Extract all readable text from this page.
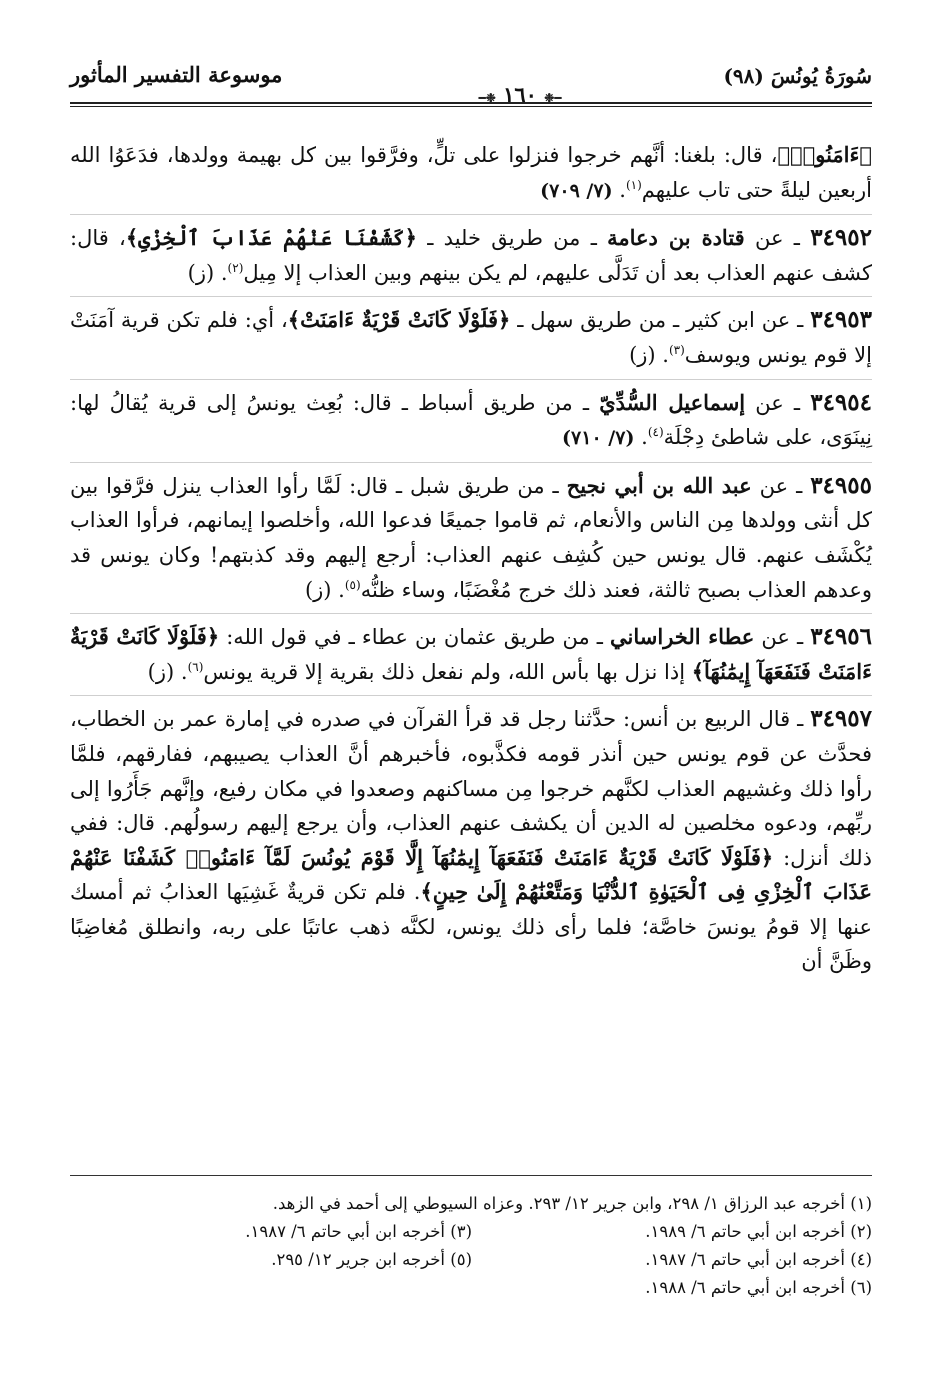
سُورَةُ يُونُسَ (٩٨)
━❉ ١٦٠ ❉━
موسوعة التفسير المأثور
﴿ءَامَنُوا۟﴾، قال: بلغنا: أنَّهم خرجوا فنزلوا على تلٍّ، وفرَّقوا بين كل بهيمة وولدها، فدَعَوُا الله أربعين ليلةً حتى تاب عليهم$^{(١)}$. (٧/ ٧٠٩)
٣٤٩٥٢ ـ عن قتادة بن دعامة ـ من طريق خليد ـ ﴿كَشَفْنَا عَنْهُمْ عَذَابَ ٱلْخِزْىِ﴾، قال: كشف عنهم العذاب بعد أن تَدَلَّى عليهم، لم يكن بينهم وبين العذاب إلا مِيل$^{(٢)}$. (ز)
٣٤٩٥٣ ـ عن ابن كثير ـ من طريق سهل ـ ﴿فَلَوْلَا كَانَتْ قَرْيَةٌ ءَامَنَتْ﴾، أي: فلم تكن قرية آمَنَتْ إلا قوم يونس ويوسف$^{(٣)}$. (ز)
٣٤٩٥٤ ـ عن إسماعيل السُّدِّيّ ـ من طريق أسباط ـ قال: بُعِث يونسُ إلى قرية يُقالُ لها: نِينَوَى، على شاطئ دِجْلَة$^{(٤)}$. (٧/ ٧١٠)
٣٤٩٥٥ ـ عن عبد الله بن أبي نجيح ـ من طريق شبل ـ قال: لَمَّا رأوا العذاب ينزل فرَّقوا بين كل أنثى وولدها مِن الناس والأنعام، ثم قاموا جميعًا فدعوا الله، وأخلصوا إيمانهم، فرأوا العذاب يُكْشَف عنهم. قال يونس حين كُشِف عنهم العذاب: أرجع إليهم وقد كذبتهم! وكان يونس قد وعدهم العذاب بصبح ثالثة، فعند ذلك خرج مُغْضَبًا، وساء ظنُّه$^{(٥)}$. (ز)
٣٤٩٥٦ ـ عن عطاء الخراساني ـ من طريق عثمان بن عطاء ـ في قول الله: ﴿فَلَوْلَا كَانَتْ قَرْيَةٌ ءَامَنَتْ فَنَفَعَهَآ إِيمَٰنُهَآ﴾ إذا نزل بها بأس الله، ولم نفعل ذلك بقرية إلا قرية يونس$^{(٦)}$. (ز)
٣٤٩٥٧ ـ قال الربيع بن أنس: حدَّثنا رجل قد قرأ القرآن في صدره في إمارة عمر بن الخطاب، فحدَّث عن قوم يونس حين أنذر قومه فكذَّبوه، فأخبرهم أنَّ العذاب يصيبهم، ففارقهم، فلمَّا رأوا ذلك وغشيهم العذاب لكنَّهم خرجوا مِن مساكنهم وصعدوا في مكان رفيع، وإنَّهم جَأَرُوا إلى ربِّهم، ودعوه مخلصين له الدين أن يكشف عنهم العذاب، وأن يرجع إليهم رسولُهم. قال: ففي ذلك أنزل: ﴿فَلَوْلَا كَانَتْ قَرْيَةٌ ءَامَنَتْ فَنَفَعَهَآ إِيمَٰنُهَآ إِلَّا قَوْمَ يُونُسَ لَمَّآ ءَامَنُوا۟ كَشَفْنَا عَنْهُمْ عَذَابَ ٱلْخِزْىِ فِى ٱلْحَيَوٰةِ ٱلدُّنْيَا وَمَتَّعْنَٰهُمْ إِلَىٰ حِينٍ﴾. فلم تكن قريةٌ غَشِيَها العذابُ ثم أمسك عنها إلا قومُ يونسَ خاصَّة؛ فلما رأى ذلك يونس، لكنَّه ذهب عاتبًا على ربه، وانطلق مُغاضِبًا وظَنَّ أن
(١) أخرجه عبد الرزاق ١/ ٢٩٨، وابن جرير ١٢/ ٢٩٣. وعزاه السيوطي إلى أحمد في الزهد.
(٢) أخرجه ابن أبي حاتم ٦/ ١٩٨٩.
(٣) أخرجه ابن أبي حاتم ٦/ ١٩٨٧.
(٤) أخرجه ابن أبي حاتم ٦/ ١٩٨٧.
(٥) أخرجه ابن جرير ١٢/ ٢٩٥.
(٦) أخرجه ابن أبي حاتم ٦/ ١٩٨٨.
